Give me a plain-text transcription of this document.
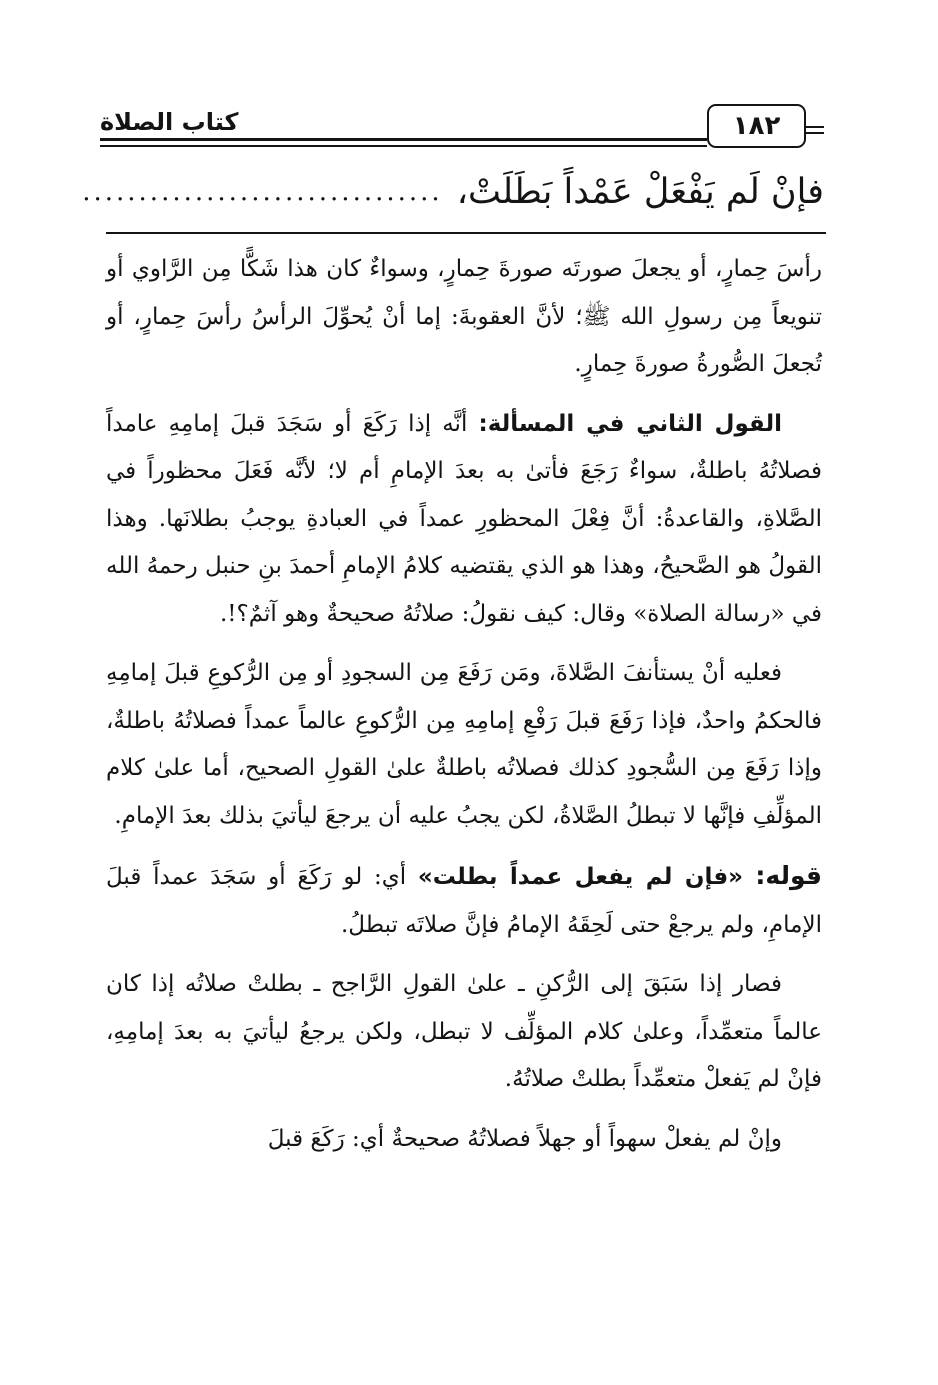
كتاب الصلاة	١٨٢
فإنْ لَم يَفْعَلْ عَمْداً بَطَلَتْ،
................................

رأسَ حِمارٍ، أو يجعلَ صورتَه صورةَ حِمارٍ، وسواءٌ كان هذا شَكًّا مِن الرَّاوي أو تنويعاً مِن رسولِ الله ﷺ؛ لأنَّ العقوبةَ: إما أنْ يُحوِّلَ الرأسُ رأسَ حِمارٍ، أو تُجعلَ الصُّورةُ صورةَ حِمارٍ.

القول الثاني في المسألة: أنَّه إذا رَكَعَ أو سَجَدَ قبلَ إمامِهِ عامداً فصلاتُهُ باطلةٌ، سواءٌ رَجَعَ فأتىٰ به بعدَ الإمامِ أم لا؛ لأنَّه فَعَلَ محظوراً في الصَّلاةِ، والقاعدةُ: أنَّ فِعْلَ المحظورِ عمداً في العبادةِ يوجبُ بطلانَها. وهذا القولُ هو الصَّحيحُ، وهذا هو الذي يقتضيه كلامُ الإمامِ أحمدَ بنِ حنبل رحمهُ الله في «رسالة الصلاة» وقال: كيف نقولُ: صلاتُهُ صحيحةٌ وهو آثمٌ؟!.

فعليه أنْ يستأنفَ الصَّلاةَ، ومَن رَفَعَ مِن السجودِ أو مِن الرُّكوعِ قبلَ إمامِهِ فالحكمُ واحدٌ، فإذا رَفَعَ قبلَ رَفْعِ إمامِهِ مِن الرُّكوعِ عالماً عمداً فصلاتُهُ باطلةٌ، وإذا رَفَعَ مِن السُّجودِ كذلك فصلاتُه باطلةٌ علىٰ القولِ الصحيح، أما علىٰ كلام المؤلِّفِ فإنَّها لا تبطلُ الصَّلاةُ، لكن يجبُ عليه أن يرجعَ ليأتيَ بذلك بعدَ الإمامِ.

قوله: «فإن لم يفعل عمداً بطلت» أي: لو رَكَعَ أو سَجَدَ عمداً قبلَ الإمامِ، ولم يرجعْ حتى لَحِقَهُ الإمامُ فإنَّ صلاتَه تبطلُ.

فصار إذا سَبَقَ إلى الرُّكنِ ـ علىٰ القولِ الرَّاجح ـ بطلتْ صلاتُه إذا كان عالماً متعمِّداً، وعلىٰ كلام المؤلِّف لا تبطل، ولكن يرجعُ ليأتيَ به بعدَ إمامِهِ، فإنْ لم يَفعلْ متعمِّداً بطلتْ صلاتُهُ.

وإنْ لم يفعلْ سهواً أو جهلاً فصلاتُهُ صحيحةٌ أي: رَكَعَ قبلَ
